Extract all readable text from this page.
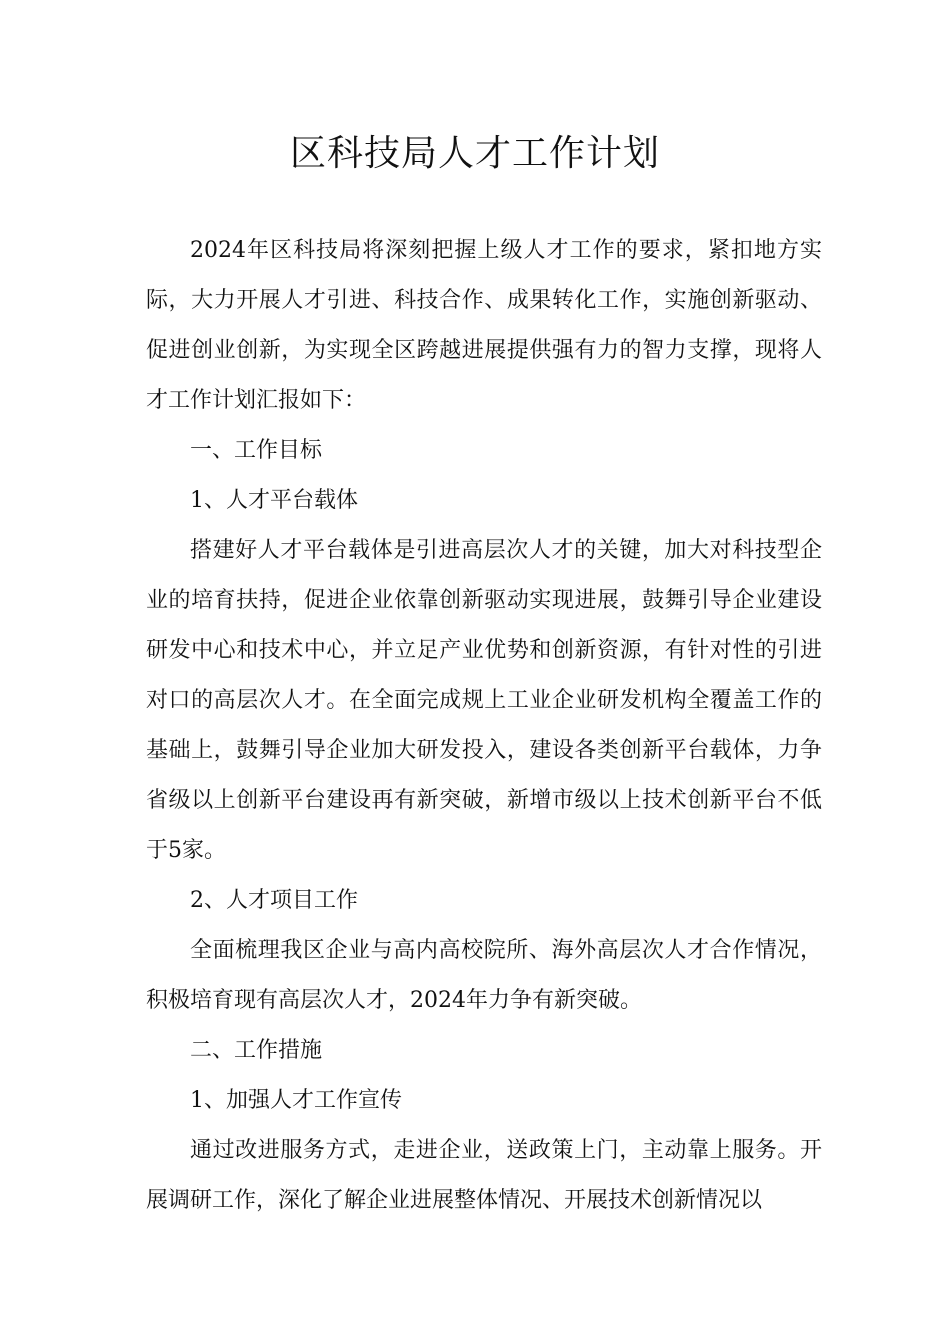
区科技局人才工作计划

2024年区科技局将深刻把握上级人才工作的要求，紧扣地方实际，大力开展人才引进、科技合作、成果转化工作，实施创新驱动、促进创业创新，为实现全区跨越进展提供强有力的智力支撑，现将人才工作计划汇报如下：

一、工作目标

1、人才平台载体

搭建好人才平台载体是引进高层次人才的关键，加大对科技型企业的培育扶持，促进企业依靠创新驱动实现进展，鼓舞引导企业建设研发中心和技术中心，并立足产业优势和创新资源，有针对性的引进对口的高层次人才。在全面完成规上工业企业研发机构全覆盖工作的基础上，鼓舞引导企业加大研发投入，建设各类创新平台载体，力争省级以上创新平台建设再有新突破，新增市级以上技术创新平台不低于5家。

2、人才项目工作

全面梳理我区企业与高内高校院所、海外高层次人才合作情况，积极培育现有高层次人才，2024年力争有新突破。

二、工作措施

1、加强人才工作宣传

通过改进服务方式，走进企业，送政策上门，主动靠上服务。开展调研工作，深化了解企业进展整体情况、开展技术创新情况以
